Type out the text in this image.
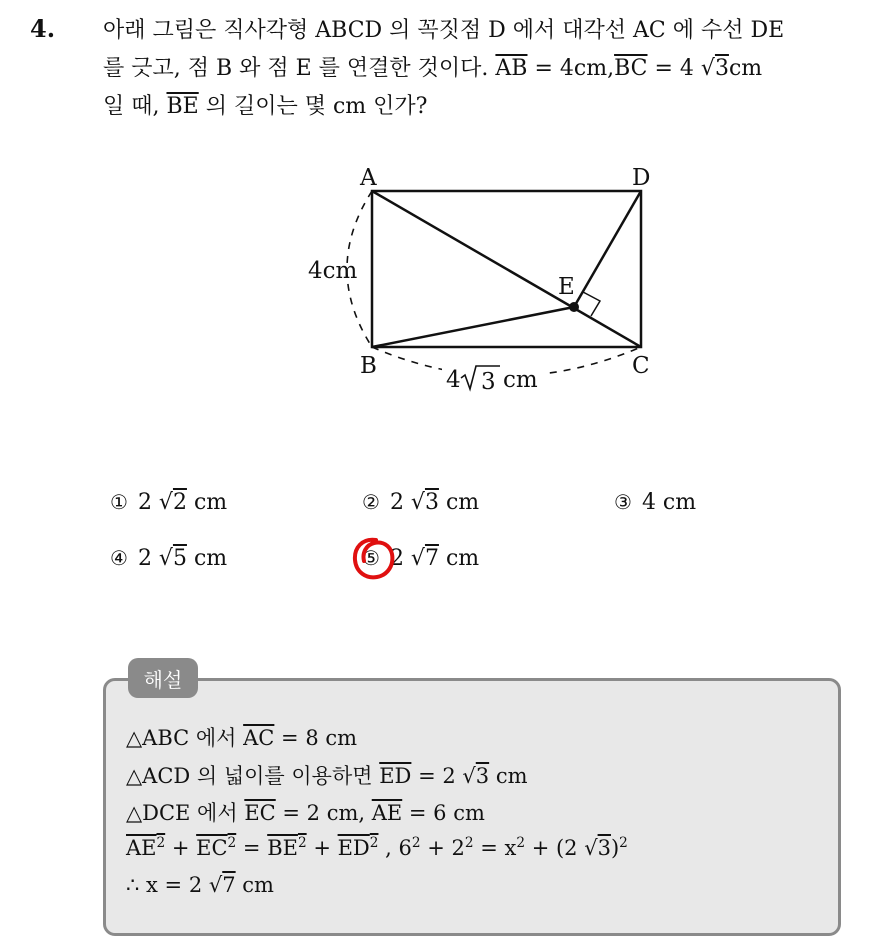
4. 아래 그림은 직사각형 ABCD 의 꼭짓점 D 에서 대각선 AC 에 수선 DE
를 긋고, 점 B 와 점 E 를 연결한 것이다. $\overline{AB} = 4cm,\overline{BC} = 4$ √3cm
일 때, $\overline{BE}$ 의 길이는 몇 cm 인가?
A	D
B	C
E
4cm
4 3 cm
① 2 √2 cm	② 2 √3 cm	③ 4 cm
④ 2 √5 cm	⑤ 2 √7 cm
해설
△ABC 에서 $\overline{AC} = 8$ cm
△ACD 의 넓이를 이용하면 $\overline{ED} = 2$ √3 cm
△DCE 에서 $\overline{EC} = 2$ cm, $\overline{AE} = 6$ cm
$AE^2 + EC^2 = BE^2 + ED^2$ , $6^2 + 2^2 = x^2 + (2$ √3)$^2$
∴ x = 2 √7 cm
